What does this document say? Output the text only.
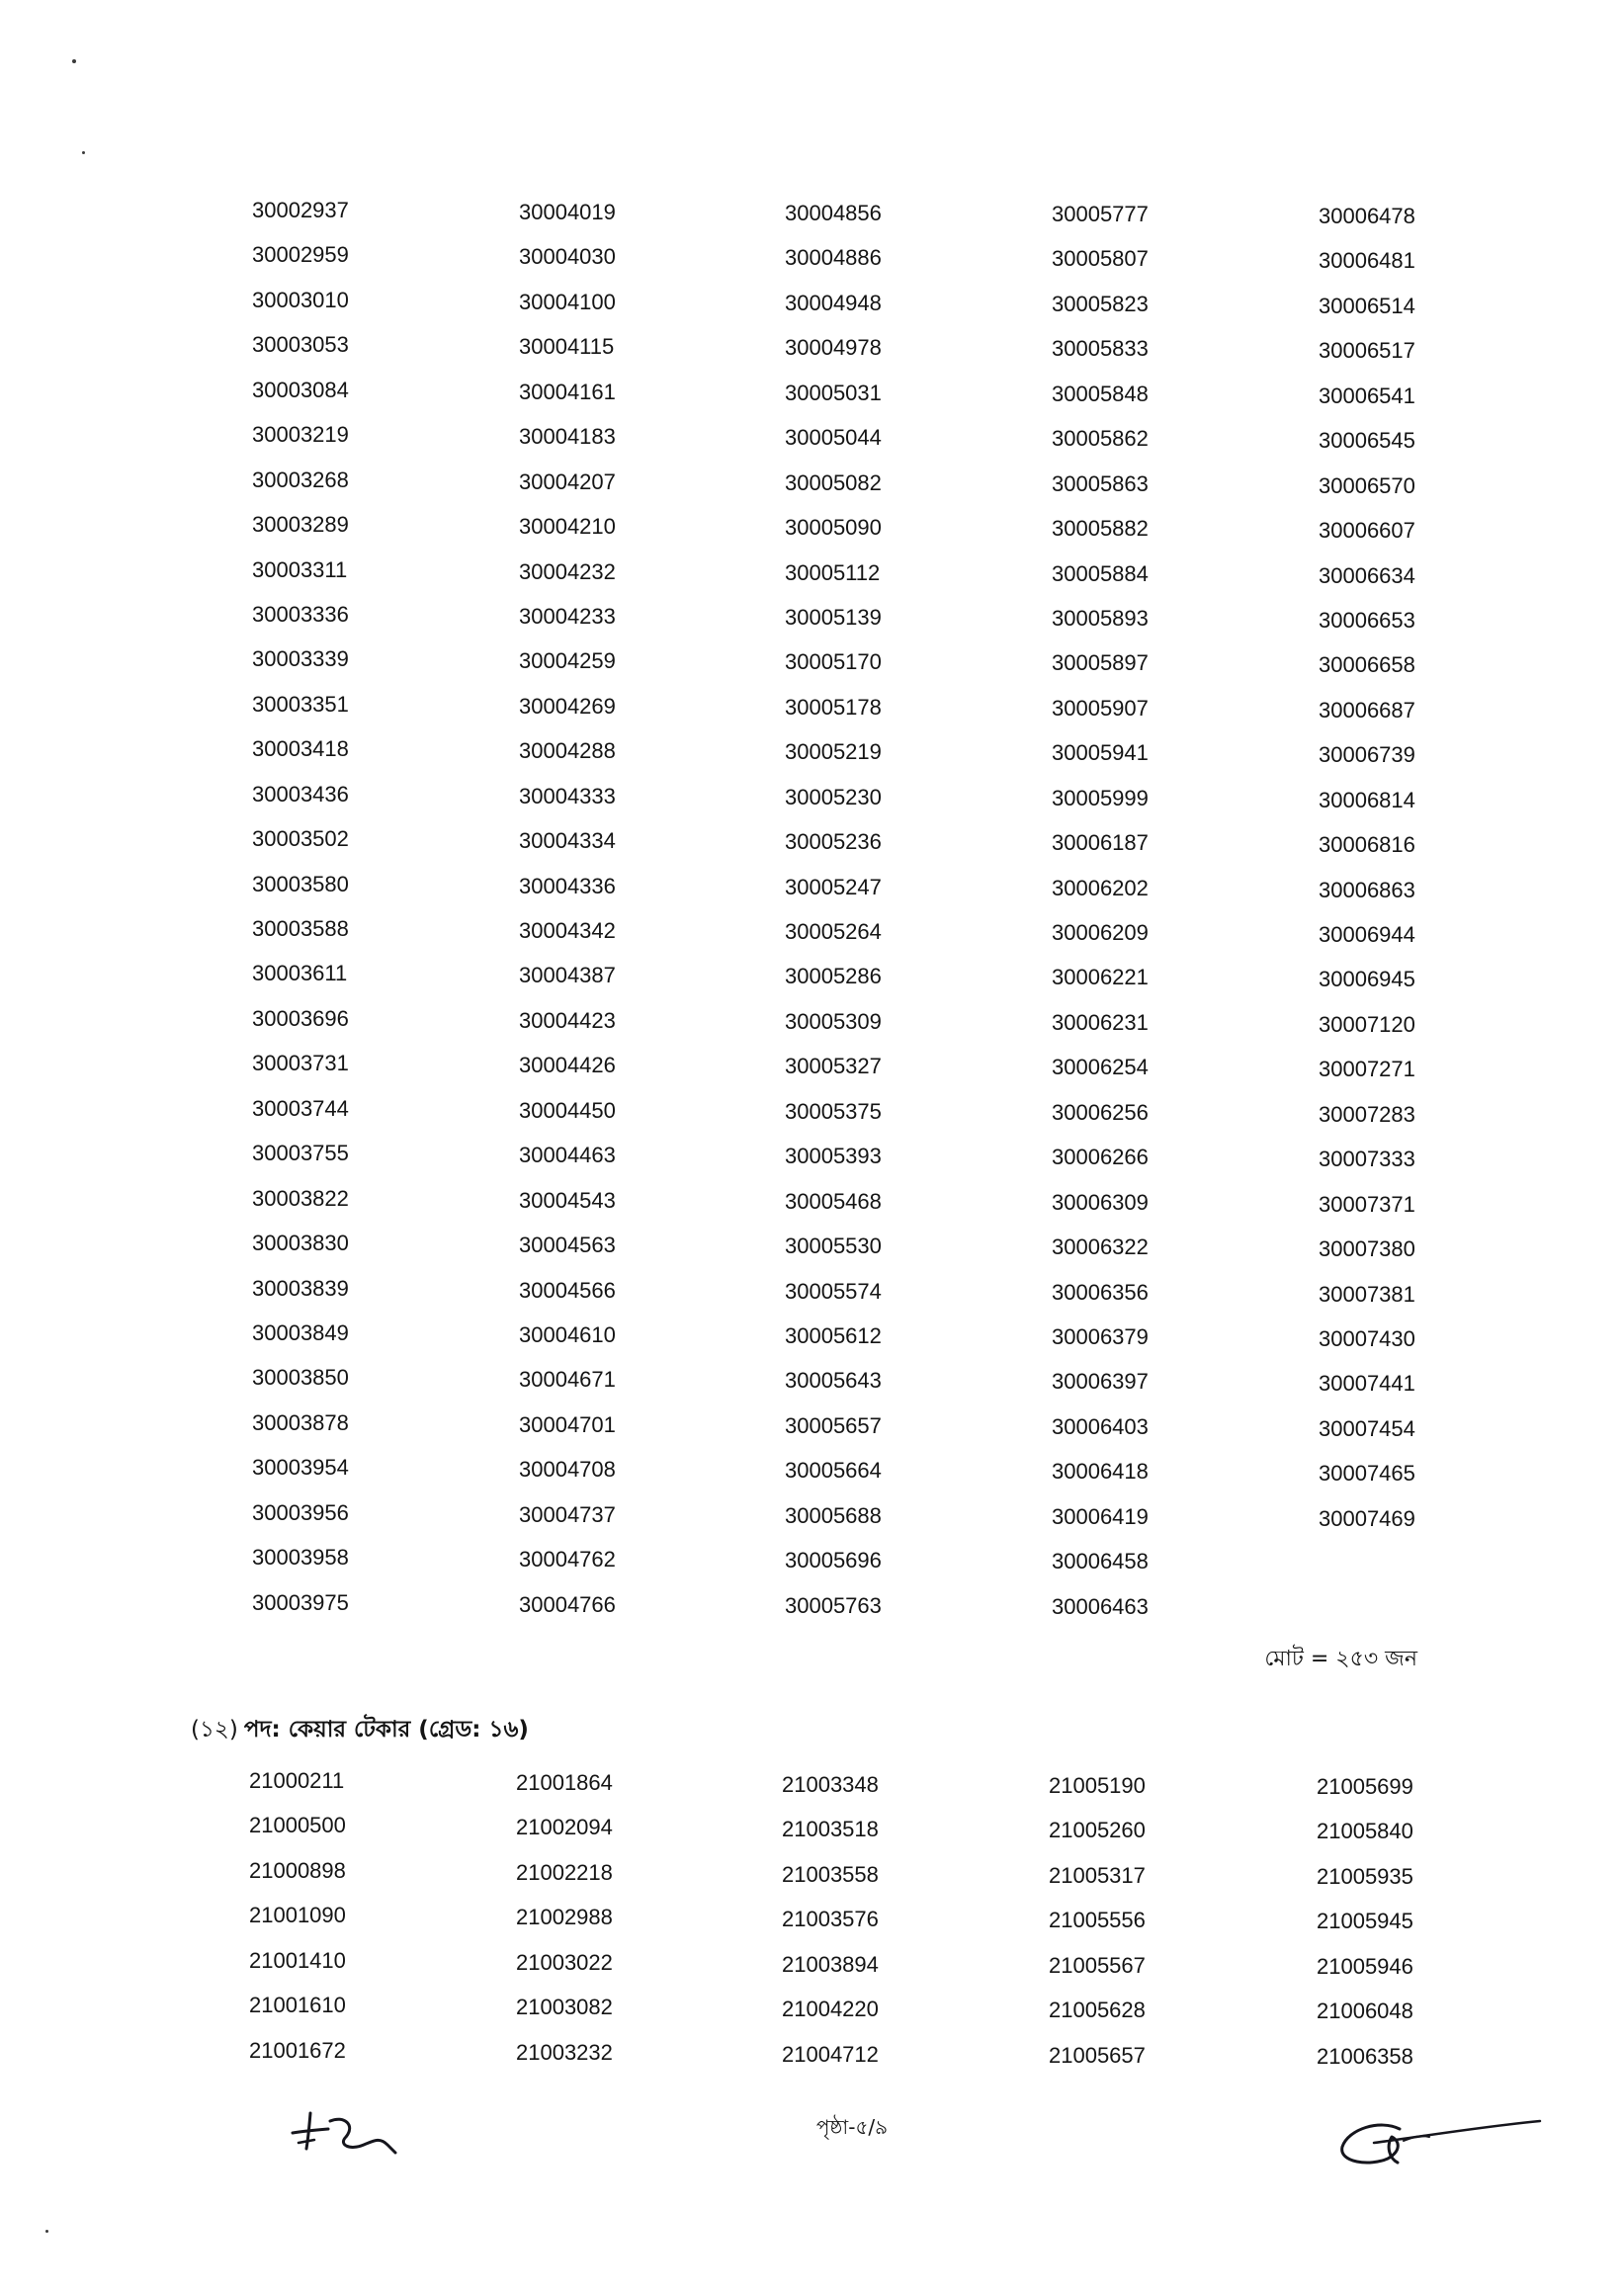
30002937
30002959
30003010
30003053
30003084
30003219
30003268
30003289
30003311
30003336
30003339
30003351
30003418
30003436
30003502
30003580
30003588
30003611
30003696
30003731
30003744
30003755
30003822
30003830
30003839
30003849
30003850
30003878
30003954
30003956
30003958
30003975
30004019
30004030
30004100
30004115
30004161
30004183
30004207
30004210
30004232
30004233
30004259
30004269
30004288
30004333
30004334
30004336
30004342
30004387
30004423
30004426
30004450
30004463
30004543
30004563
30004566
30004610
30004671
30004701
30004708
30004737
30004762
30004766
30004856
30004886
30004948
30004978
30005031
30005044
30005082
30005090
30005112
30005139
30005170
30005178
30005219
30005230
30005236
30005247
30005264
30005286
30005309
30005327
30005375
30005393
30005468
30005530
30005574
30005612
30005643
30005657
30005664
30005688
30005696
30005763
30005777
30005807
30005823
30005833
30005848
30005862
30005863
30005882
30005884
30005893
30005897
30005907
30005941
30005999
30006187
30006202
30006209
30006221
30006231
30006254
30006256
30006266
30006309
30006322
30006356
30006379
30006397
30006403
30006418
30006419
30006458
30006463
30006478
30006481
30006514
30006517
30006541
30006545
30006570
30006607
30006634
30006653
30006658
30006687
30006739
30006814
30006816
30006863
30006944
30006945
30007120
30007271
30007283
30007333
30007371
30007380
30007381
30007430
30007441
30007454
30007465
30007469
মোট = ২৫৩ জন
(১২) পদ: কেয়ার টেকার (গ্রেড: ১৬)
21000211
21000500
21000898
21001090
21001410
21001610
21001672
21001864
21002094
21002218
21002988
21003022
21003082
21003232
21003348
21003518
21003558
21003576
21003894
21004220
21004712
21005190
21005260
21005317
21005556
21005567
21005628
21005657
21005699
21005840
21005935
21005945
21005946
21006048
21006358
পৃষ্ঠা-৫/৯
